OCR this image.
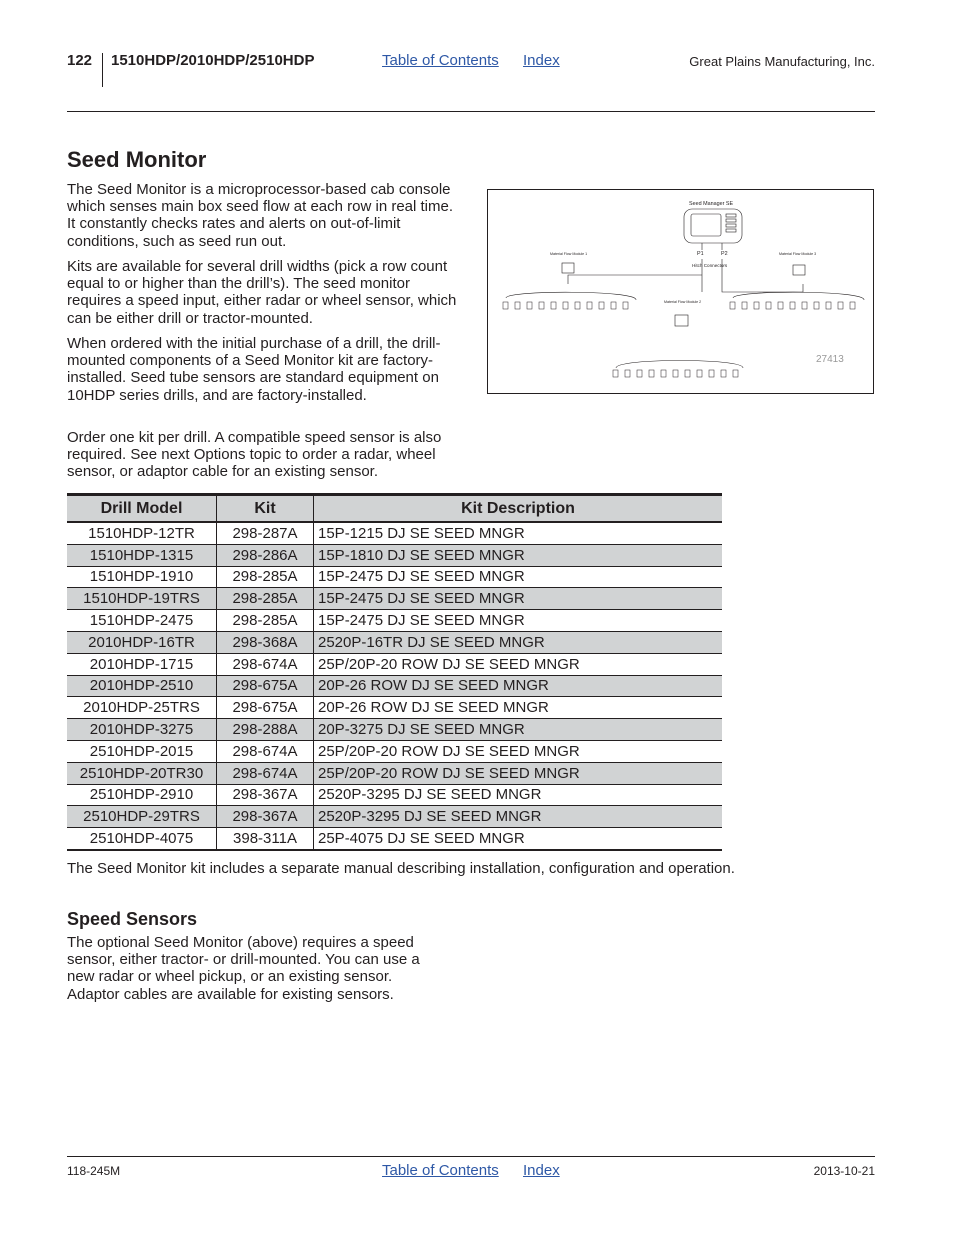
122 1510HDP/2010HDP/2510HDP	Table of Contents Index	Great Plains Manufacturing, Inc.
Seed Monitor
The Seed Monitor is a microprocessor-based cab console which senses main box seed flow at each row in real time. It constantly checks rates and alerts on out-of-limit conditions, such as seed run out.
Kits are available for several drill widths (pick a row count equal to or higher than the drill’s). The seed monitor requires a speed input, either radar or wheel sensor, which can be either drill or tractor-mounted.
When ordered with the initial purchase of a drill, the drill-mounted components of a Seed Monitor kit are factory-installed. Seed tube sensors are standard equipment on 10HDP series drills, and are factory-installed.
Order one kit per drill. A compatible speed sensor is also required. See next Options topic to order a radar, wheel sensor, or adaptor cable for an existing sensor.
Seed Manager SE
P1	P2
Hitch Connectors
Material Flow Module 1
Material Flow Module 2
Material Flow Module 3
27413
Drill Model	Kit	Kit Description
1510HDP-12TR	298-287A	15P-1215 DJ SE SEED MNGR
1510HDP-1315	298-286A	15P-1810 DJ SE SEED MNGR
1510HDP-1910	298-285A	15P-2475 DJ SE SEED MNGR
1510HDP-19TRS	298-285A	15P-2475 DJ SE SEED MNGR
1510HDP-2475	298-285A	15P-2475 DJ SE SEED MNGR
2010HDP-16TR	298-368A	2520P-16TR DJ SE SEED MNGR
2010HDP-1715	298-674A	25P/20P-20 ROW DJ SE SEED MNGR
2010HDP-2510	298-675A	20P-26 ROW DJ SE SEED MNGR
2010HDP-25TRS	298-675A	20P-26 ROW DJ SE SEED MNGR
2010HDP-3275	298-288A	20P-3275 DJ SE SEED MNGR
2510HDP-2015	298-674A	25P/20P-20 ROW DJ SE SEED MNGR
2510HDP-20TR30	298-674A	25P/20P-20 ROW DJ SE SEED MNGR
2510HDP-2910	298-367A	2520P-3295 DJ SE SEED MNGR
2510HDP-29TRS	298-367A	2520P-3295 DJ SE SEED MNGR
2510HDP-4075	398-311A	25P-4075 DJ SE SEED MNGR
The Seed Monitor kit includes a separate manual describing installation, configuration and operation.
Speed Sensors
The optional Seed Monitor (above) requires a speed sensor, either tractor- or drill-mounted. You can use a new radar or wheel pickup, or an existing sensor. Adaptor cables are available for existing sensors.
118-245M	Table of Contents Index	2013-10-21
